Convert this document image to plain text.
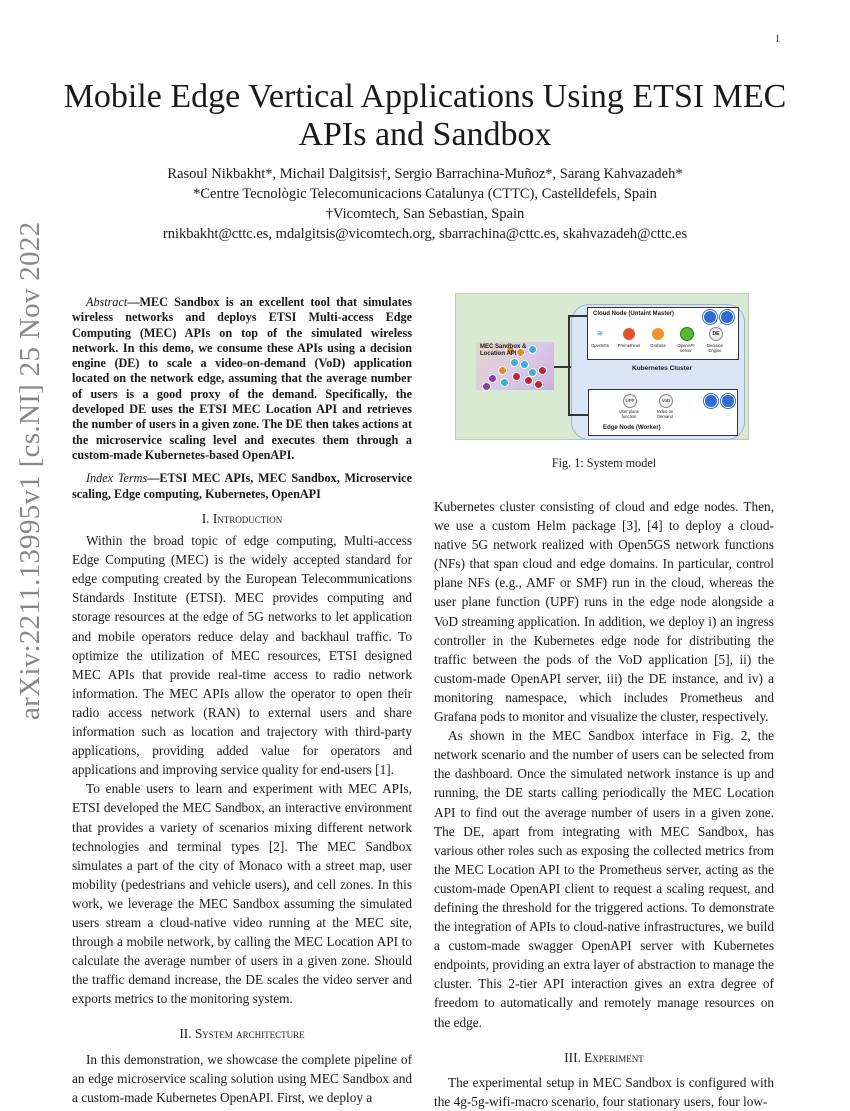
1
arXiv:2211.13995v1 [cs.NI] 25 Nov 2022
Mobile Edge Vertical Applications Using ETSI MEC APIs and Sandbox
Rasoul Nikbakht*, Michail Dalgitsis†, Sergio Barrachina-Muñoz*, Sarang Kahvazadeh*
*Centre Tecnològic Telecomunicacions Catalunya (CTTC), Castelldefels, Spain
†Vicomtech, San Sebastian, Spain
rnikbakht@cttc.es, mdalgitsis@vicomtech.org, sbarrachina@cttc.es, skahvazadeh@cttc.es

Abstract—MEC Sandbox is an excellent tool that simulates wireless networks and deploys ETSI Multi-access Edge Computing (MEC) APIs on top of the simulated wireless network. In this demo, we consume these APIs using a decision engine (DE) to scale a video-on-demand (VoD) application located on the network edge, assuming that the average number of users is a good proxy of the demand. Specifically, the developed DE uses the ETSI MEC Location API and retrieves the number of users in a given zone. The DE then takes actions at the microservice scaling level and executes them through a custom-made Kubernetes-based OpenAPI.

Index Terms—ETSI MEC APIs, MEC Sandbox, Microservice scaling, Edge computing, Kubernetes, OpenAPI

I. Introduction

Within the broad topic of edge computing, Multi-access Edge Computing (MEC) is the widely accepted standard for edge computing created by the European Telecommunications Standards Institute (ETSI). MEC provides computing and storage resources at the edge of 5G networks to let application and mobile operators reduce delay and backhaul traffic. To optimize the utilization of MEC resources, ETSI designed MEC APIs that provide real-time access to radio network information. The MEC APIs allow the operator to open their radio access network (RAN) to external users and share information such as location and trajectory with third-party applications, providing added value for operators and applications and improving service quality for end-users [1].

To enable users to learn and experiment with MEC APIs, ETSI developed the MEC Sandbox, an interactive environment that provides a variety of scenarios mixing different network technologies and terminal types [2]. The MEC Sandbox simulates a part of the city of Monaco with a street map, user mobility (pedestrians and vehicle users), and cell zones. In this work, we leverage the MEC Sandbox assuming the simulated users stream a cloud-native video running at the MEC site, through a mobile network, by calling the MEC Location API to calculate the average number of users in a given zone. Should the traffic demand increase, the DE scales the video server and exports metrics to the monitoring system.

II. System architecture

In this demonstration, we showcase the complete pipeline of an edge microservice scaling solution using MEC Sandbox and a custom-made Kubernetes OpenAPI. First, we deploy a

MEC Sandbox & Location API
Cloud Node (Untaint Master)
≋	DE
Open5Gs	Prometheus	Grafana	OpenAPI server
Decision Engine
Kubernetes Cluster
UPF	VoD
User plane function
Video on Demand
Edge Node (Worker)
Fig. 1: System model

Kubernetes cluster consisting of cloud and edge nodes. Then, we use a custom Helm package [3], [4] to deploy a cloud-native 5G network realized with Open5GS network functions (NFs) that span cloud and edge domains. In particular, control plane NFs (e.g., AMF or SMF) run in the cloud, whereas the user plane function (UPF) runs in the edge node alongside a VoD streaming application. In addition, we deploy i) an ingress controller in the Kubernetes edge node for distributing the traffic between the pods of the VoD application [5], ii) the custom-made OpenAPI server, iii) the DE instance, and iv) a monitoring namespace, which includes Prometheus and Grafana pods to monitor and visualize the cluster, respectively.

As shown in the MEC Sandbox interface in Fig. 2, the network scenario and the number of users can be selected from the dashboard. Once the simulated network instance is up and running, the DE starts calling periodically the MEC Location API to find out the average number of users in a given zone. The DE, apart from integrating with MEC Sandbox, has various other roles such as exposing the collected metrics from the MEC Location API to the Prometheus server, acting as the custom-made OpenAPI client to request a scaling request, and defining the threshold for the triggered actions. To demonstrate the integration of APIs to cloud-native infrastructures, we build a custom-made swagger OpenAPI server with Kubernetes endpoints, providing an extra layer of abstraction to manage the cluster. This 2-tier API interaction gives an extra degree of freedom to automatically and remotely manage resources on the edge.

III. Experiment

The experimental setup in MEC Sandbox is configured with the 4g-5g-wifi-macro scenario, four stationary users, four low-
